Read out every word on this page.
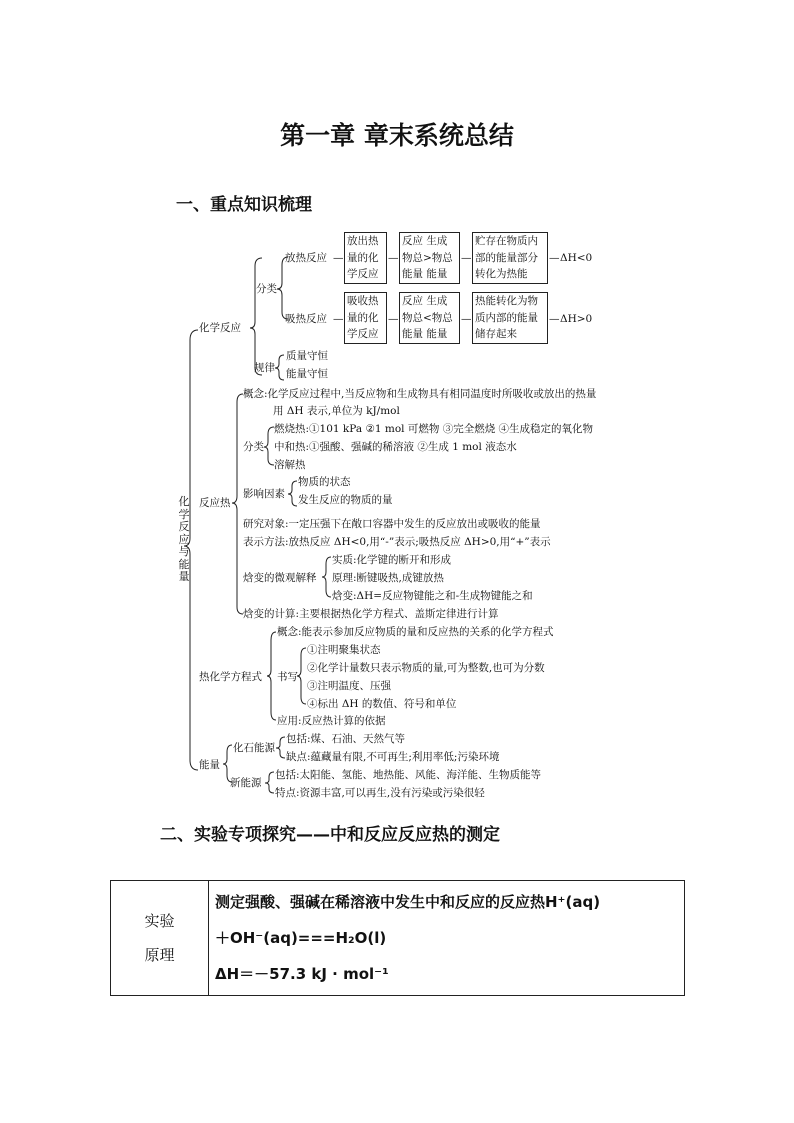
第一章 章末系统总结
一、重点知识梳理
化学反应与能量
化学反应
分类
放热反应 —
放出热
量的化
学反应
—
反应 生成
物总>物总
能量 能量
—
贮存在物质内
部的能量部分
转化为热能
— ΔH<0
吸热反应 —
吸收热
量的化
学反应
—
反应 生成
物总<物总
能量 能量
—
热能转化为物
质内部的能量
储存起来
— ΔH>0
规律
质量守恒
能量守恒
反应热
概念:化学反应过程中,当反应物和生成物具有相同温度时所吸收或放出的热量
用 ΔH 表示,单位为 kJ/mol
分类
燃烧热:①101 kPa ②1 mol 可燃物 ③完全燃烧 ④生成稳定的氧化物
中和热:①强酸、强碱的稀溶液 ②生成 1 mol 液态水
溶解热
影响因素
物质的状态
发生反应的物质的量
研究对象:一定压强下在敞口容器中发生的反应放出或吸收的能量
表示方法:放热反应 ΔH<0,用“-”表示;吸热反应 ΔH>0,用“+”表示
焓变的微观解释
实质:化学键的断开和形成
原理:断键吸热,成键放热
焓变:ΔH=反应物键能之和-生成物键能之和
焓变的计算:主要根据热化学方程式、盖斯定律进行计算
热化学方程式
概念:能表示参加反应物质的量和反应热的关系的化学方程式
书写
①注明聚集状态
②化学计量数只表示物质的量,可为整数,也可为分数
③注明温度、压强
④标出 ΔH 的数值、符号和单位
应用:反应热计算的依据
能量
化石能源
包括:煤、石油、天然气等
缺点:蕴藏量有限,不可再生;利用率低;污染环境
新能源
包括:太阳能、氢能、地热能、风能、海洋能、生物质能等
特点:资源丰富,可以再生,没有污染或污染很轻
二、实验专项探究——中和反应反应热的测定
实验
原理

测定强酸、强碱在稀溶液中发生中和反应的反应热H⁺(aq)
＋OH⁻(aq)===H₂O(l)
ΔH＝－57.3 kJ · mol⁻¹
